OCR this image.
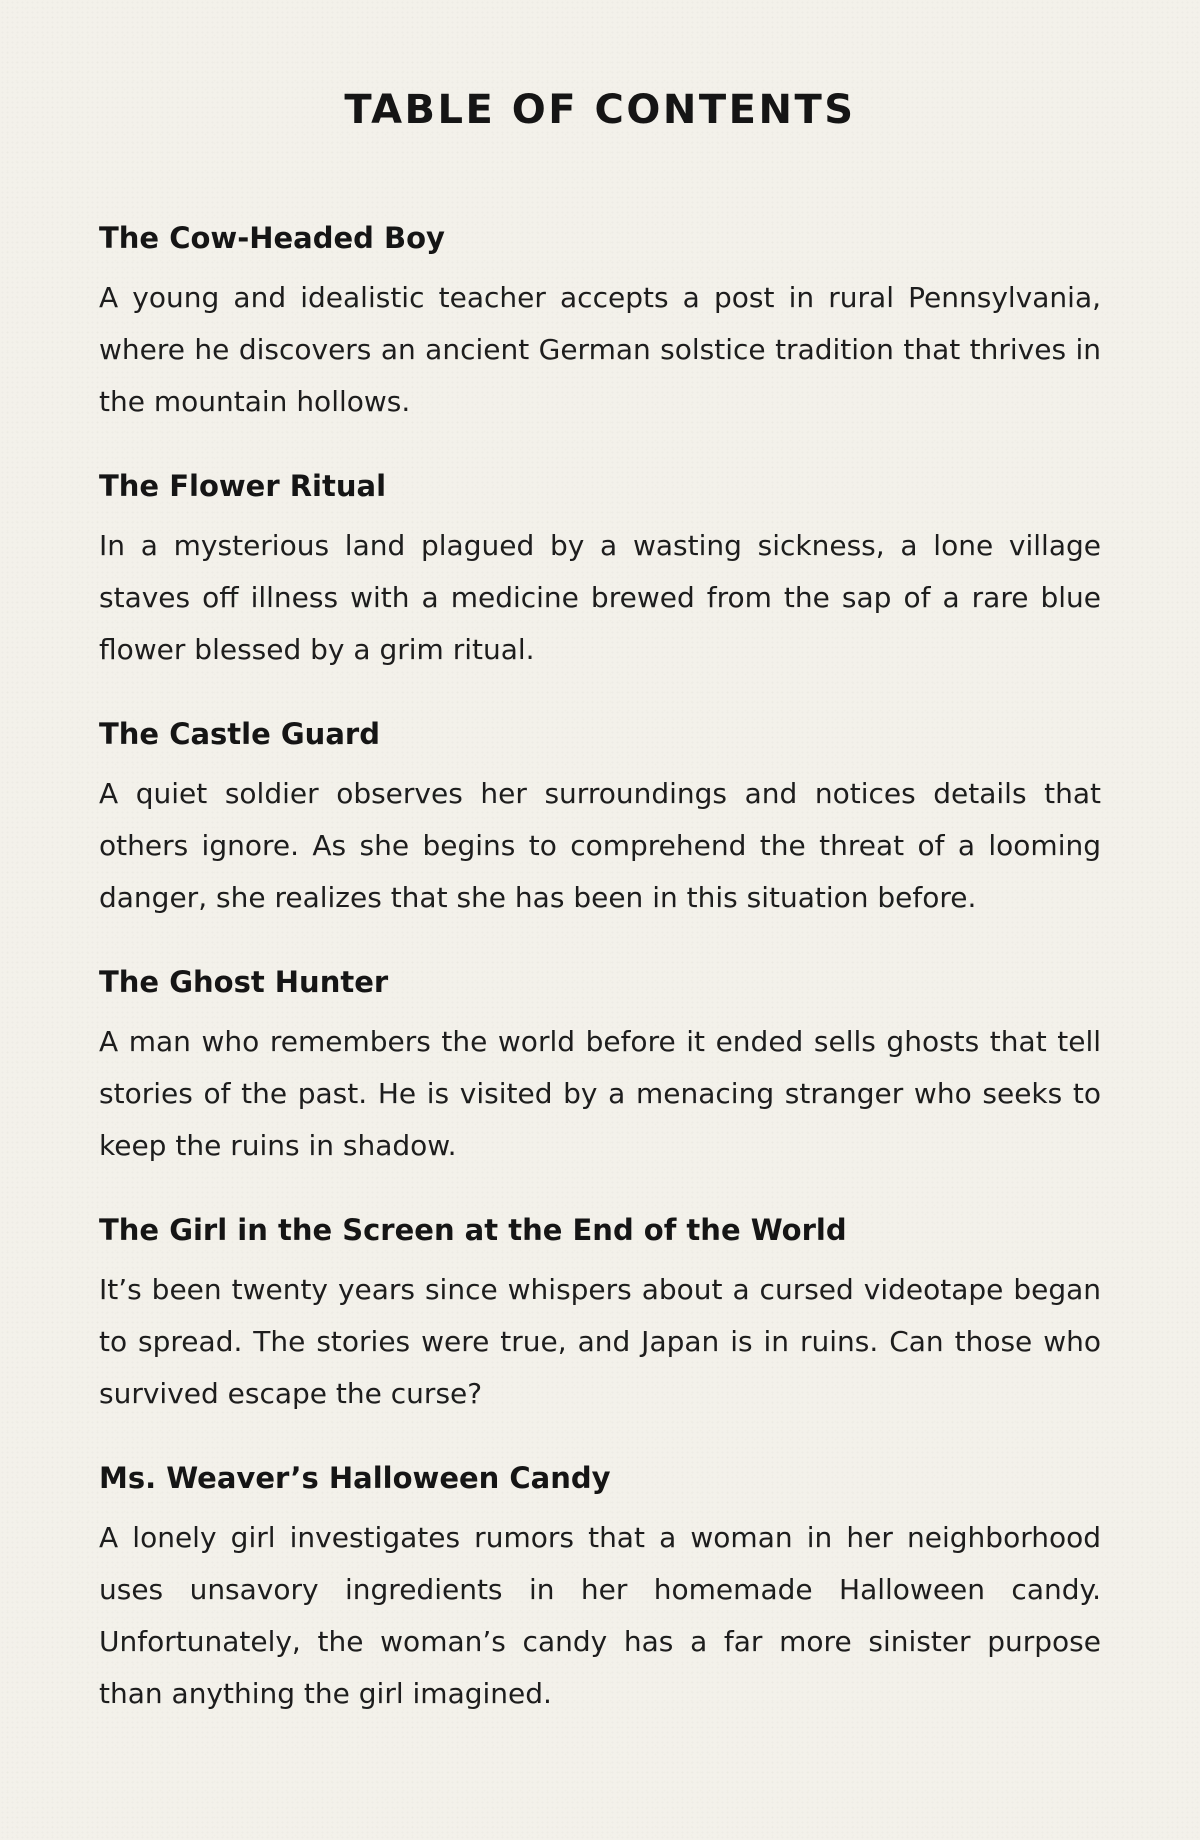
TABLE OF CONTENTS
The Cow-Headed Boy

A young and idealistic teacher accepts a post in rural Pennsylvania, where he discovers an ancient German solstice tradition that thrives in the mountain hollows.

The Flower Ritual

In a mysterious land plagued by a wasting sickness, a lone village staves off illness with a medicine brewed from the sap of a rare blue flower blessed by a grim ritual.

The Castle Guard

A quiet soldier observes her surroundings and notices details that others ignore. As she begins to comprehend the threat of a looming danger, she realizes that she has been in this situation before.

The Ghost Hunter

A man who remembers the world before it ended sells ghosts that tell stories of the past. He is visited by a menacing stranger who seeks to keep the ruins in shadow.

The Girl in the Screen at the End of the World

It’s been twenty years since whispers about a cursed videotape began to spread. The stories were true, and Japan is in ruins. Can those who survived escape the curse?

Ms. Weaver’s Halloween Candy

A lonely girl investigates rumors that a woman in her neighborhood uses unsavory ingredients in her homemade Halloween candy. Unfortunately, the woman’s candy has a far more sinister purpose than anything the girl imagined.
